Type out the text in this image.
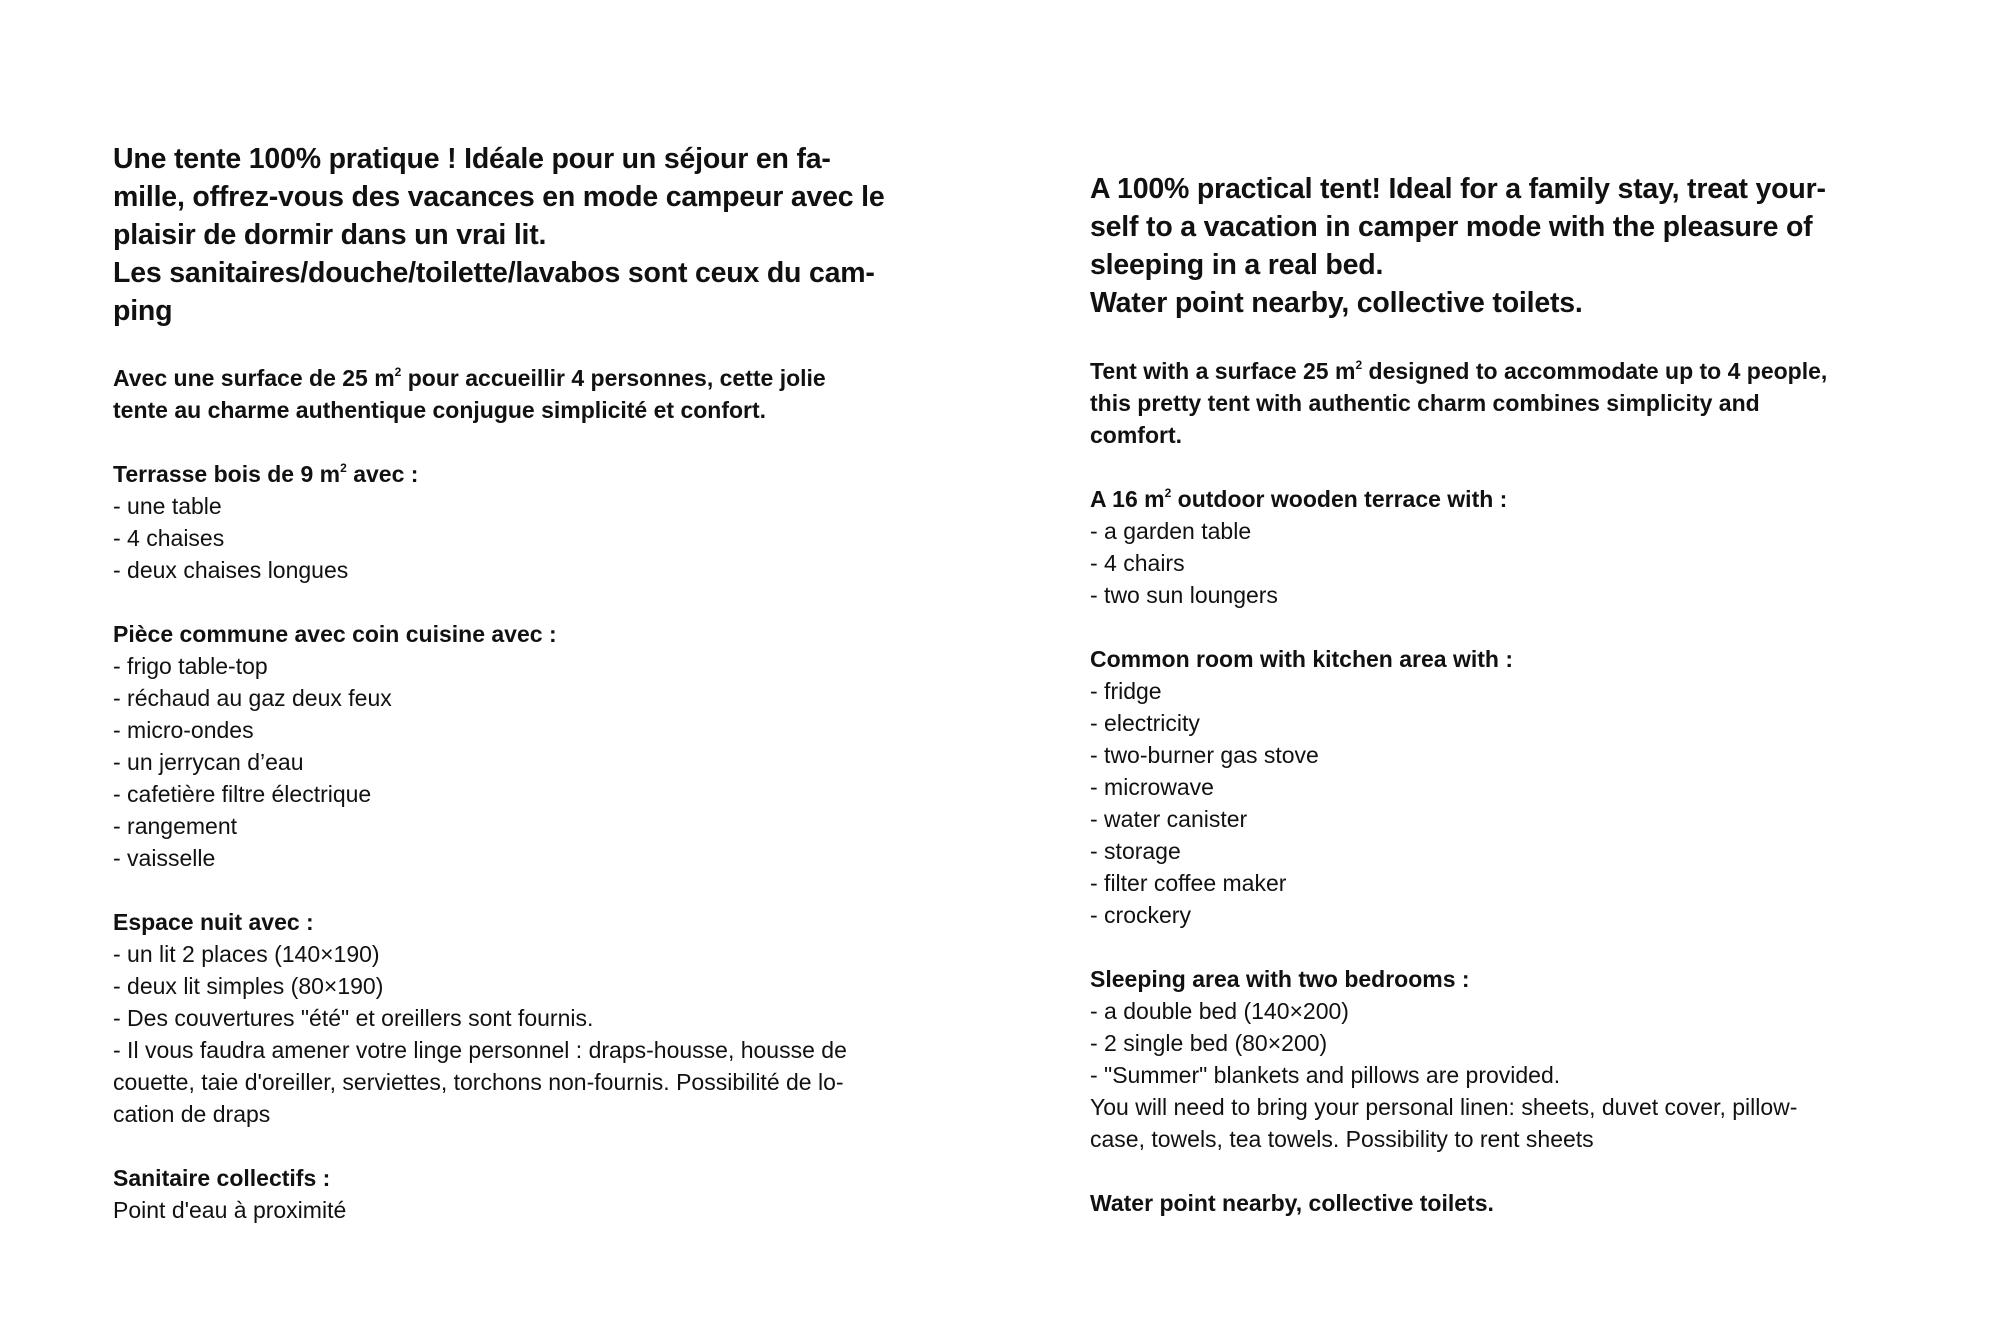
Une tente 100% pratique ! Idéale pour un séjour en fa-
mille, offrez-vous des vacances en mode campeur avec le
plaisir de dormir dans un vrai lit.
Les sanitaires/douche/toilette/lavabos sont ceux du cam-
ping

Avec une surface de 25 $m^2$ pour accueillir 4 personnes, cette jolie
tente au charme authentique conjugue simplicité et confort.

Terrasse bois de 9 $m^2$ avec :
- une table
- 4 chaises
- deux chaises longues
Pièce commune avec coin cuisine avec :
- frigo table-top
- réchaud au gaz deux feux
- micro-ondes
- un jerrycan d’eau
- cafetière filtre électrique
- rangement
- vaisselle
Espace nuit avec :
- un lit 2 places (140×190)
- deux lit simples (80×190)
- Des couvertures "été" et oreillers sont fournis.
- Il vous faudra amener votre linge personnel : draps-housse, housse de
couette, taie d'oreiller, serviettes, torchons non-fournis. Possibilité de lo-
cation de draps
Sanitaire collectifs :
Point d'eau à proximité
A 100% practical tent! Ideal for a family stay, treat your-
self to a vacation in camper mode with the pleasure of
sleeping in a real bed.
Water point nearby, collective toilets.

Tent with a surface 25 $m^2$ designed to accommodate up to 4 people,
this pretty tent with authentic charm combines simplicity and
comfort.

A 16 $m^2$ outdoor wooden terrace with :
- a garden table
- 4 chairs
- two sun loungers
Common room with kitchen area with :
- fridge
- electricity
- two-burner gas stove
- microwave
- water canister
- storage
- filter coffee maker
- crockery
Sleeping area with two bedrooms :
- a double bed (140×200)
- 2 single bed (80×200)
- "Summer" blankets and pillows are provided.
You will need to bring your personal linen: sheets, duvet cover, pillow-
case, towels, tea towels. Possibility to rent sheets
Water point nearby, collective toilets.
